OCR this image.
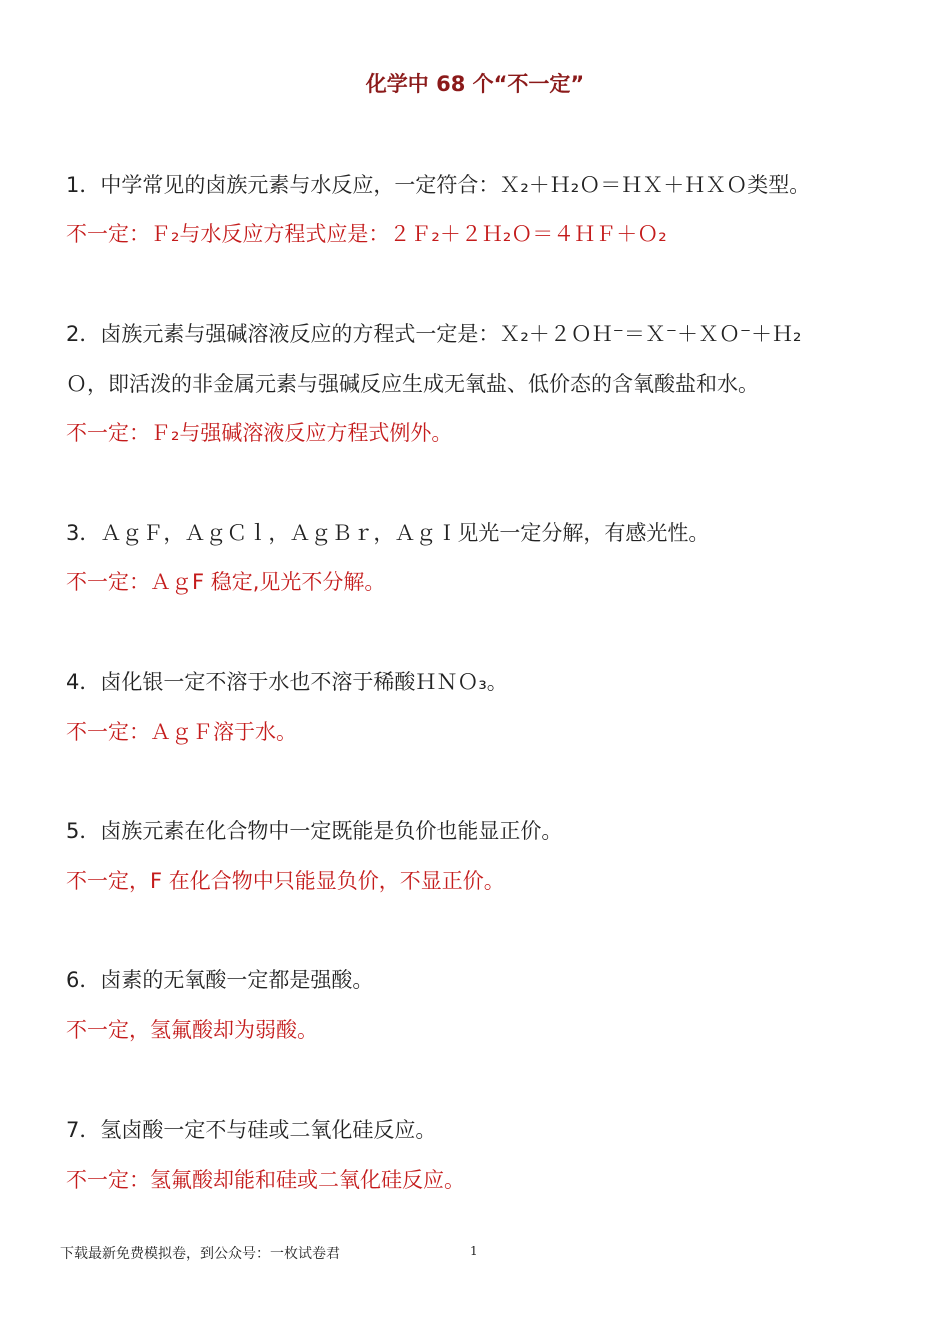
化学中 68 个“不一定”
1．中学常见的卤族元素与水反应，一定符合：Ｘ₂＋Ｈ₂Ｏ＝ＨＸ＋ＨＸＯ类型。
不一定：Ｆ₂与水反应方程式应是：２Ｆ₂＋２Ｈ₂Ｏ＝４ＨＦ＋Ｏ₂
2．卤族元素与强碱溶液反应的方程式一定是：Ｘ₂＋２ＯＨ⁻＝Ｘ⁻＋ＸＯ⁻＋Ｈ₂
Ｏ，即活泼的非金属元素与强碱反应生成无氧盐、低价态的含氧酸盐和水。
不一定：Ｆ₂与强碱溶液反应方程式例外。
3．ＡｇＦ，ＡｇＣｌ，ＡｇＢｒ，ＡｇＩ见光一定分解，有感光性。
不一定：ＡｇF 稳定,见光不分解。
4．卤化银一定不溶于水也不溶于稀酸ＨＮＯ₃。
不一定：ＡｇＦ溶于水。
5．卤族元素在化合物中一定既能是负价也能显正价。
不一定，F 在化合物中只能显负价，不显正价。
6．卤素的无氧酸一定都是强酸。
不一定，氢氟酸却为弱酸。
7．氢卤酸一定不与硅或二氧化硅反应。
不一定：氢氟酸却能和硅或二氧化硅反应。
下载最新免费模拟卷，到公众号：一枚试卷君	1
